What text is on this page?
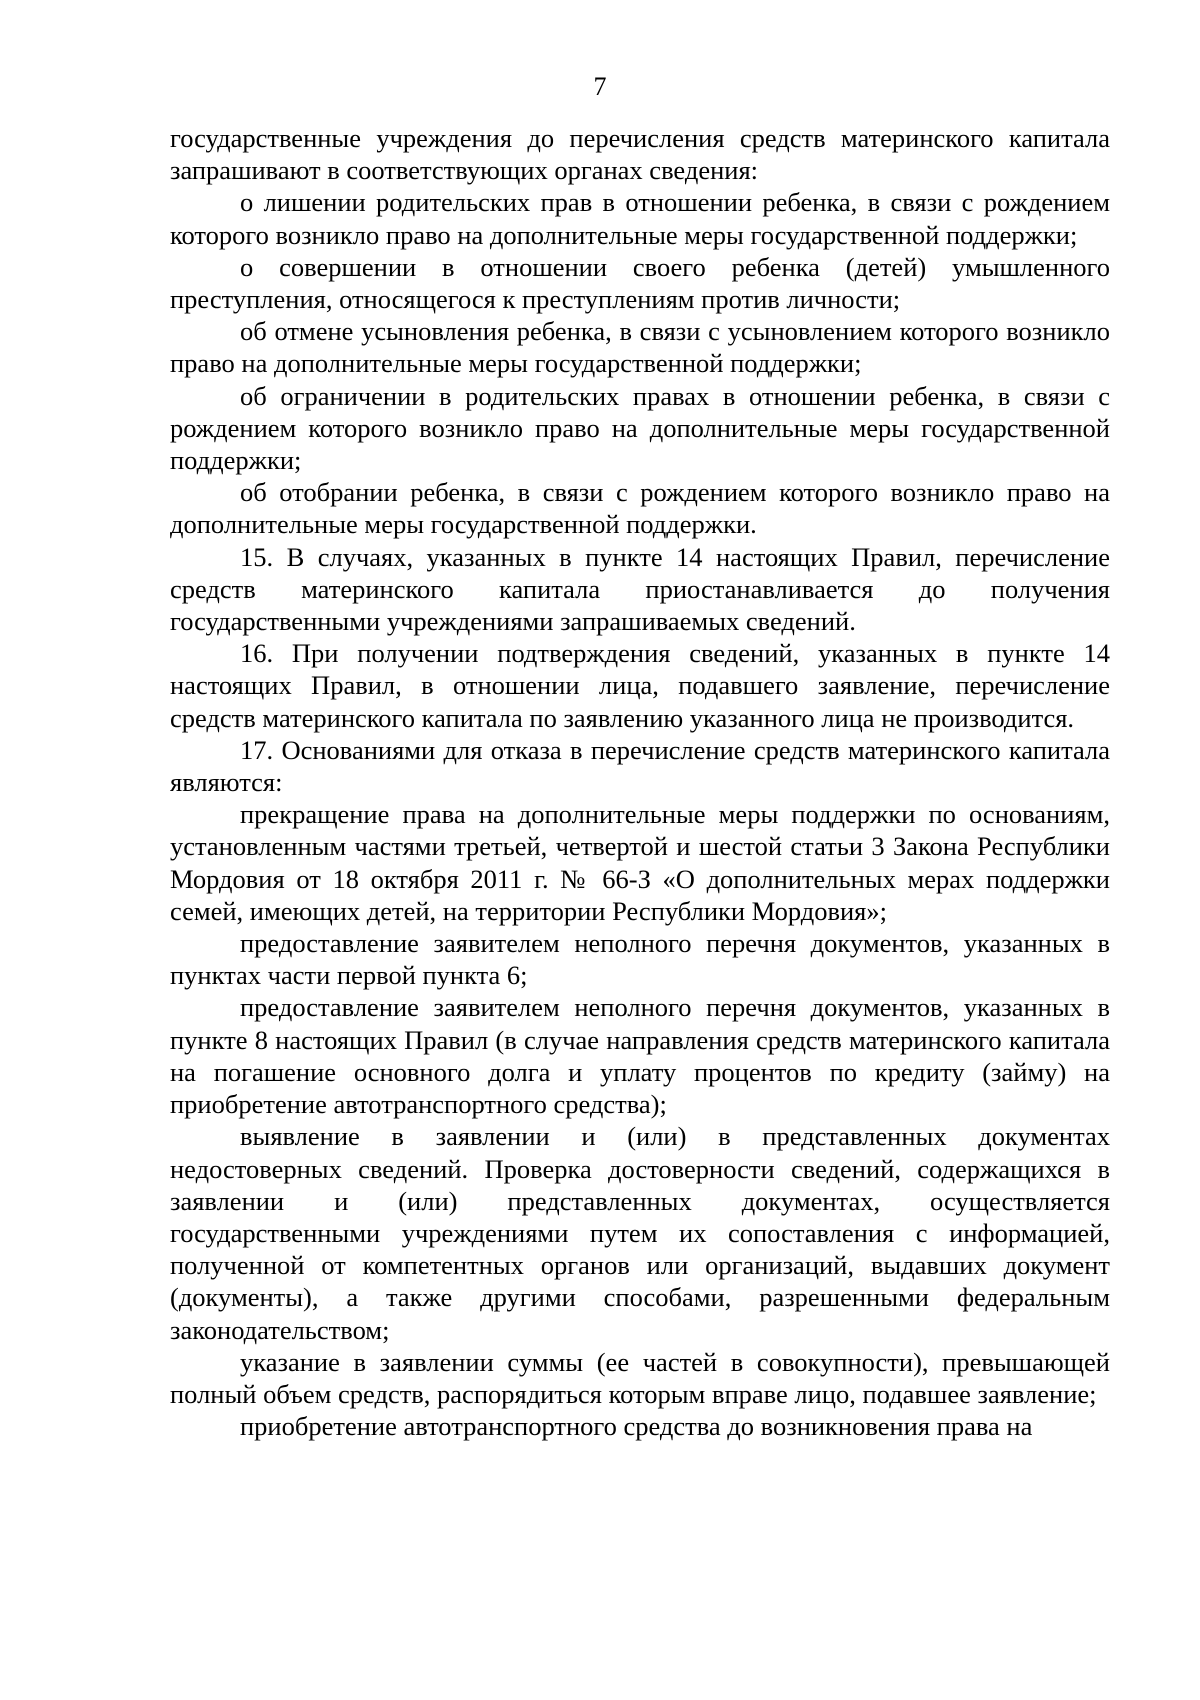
7

государственные учреждения до перечисления средств материнского капитала запрашивают в соответствующих органах сведения:

о лишении родительских прав в отношении ребенка, в связи с рождением которого возникло право на дополнительные меры государственной поддержки;

о совершении в отношении своего ребенка (детей) умышленного преступления, относящегося к преступлениям против личности;

об отмене усыновления ребенка, в связи с усыновлением которого возникло право на дополнительные меры государственной поддержки;

об ограничении в родительских правах в отношении ребенка, в связи с рождением которого возникло право на дополнительные меры государственной поддержки;

об отобрании ребенка, в связи с рождением которого возникло право на дополнительные меры государственной поддержки.

15. В случаях, указанных в пункте 14 настоящих Правил, перечисление средств материнского капитала приостанавливается до получения государственными учреждениями запрашиваемых сведений.

16. При получении подтверждения сведений, указанных в пункте 14 настоящих Правил, в отношении лица, подавшего заявление, перечисление средств материнского капитала по заявлению указанного лица не производится.

17. Основаниями для отказа в перечисление средств материнского капитала являются:

прекращение права на дополнительные меры поддержки по основаниям, установленным частями третьей, четвертой и шестой статьи 3 Закона Республики Мордовия от 18 октября 2011 г. № 66-З «О дополнительных мерах поддержки семей, имеющих детей, на территории Республики Мордовия»;

предоставление заявителем неполного перечня документов, указанных в пунктах части первой пункта 6;

предоставление заявителем неполного перечня документов, указанных в пункте 8 настоящих Правил (в случае направления средств материнского капитала на погашение основного долга и уплату процентов по кредиту (займу) на приобретение автотранспортного средства);

выявление в заявлении и (или) в представленных документах недостоверных сведений. Проверка достоверности сведений, содержащихся в заявлении и (или) представленных документах, осуществляется государственными учреждениями путем их сопоставления с информацией, полученной от компетентных органов или организаций, выдавших документ (документы), а также другими способами, разрешенными федеральным законодательством;

указание в заявлении суммы (ее частей в совокупности), превышающей полный объем средств, распорядиться которым вправе лицо, подавшее заявление;

приобретение автотранспортного средства до возникновения права на
